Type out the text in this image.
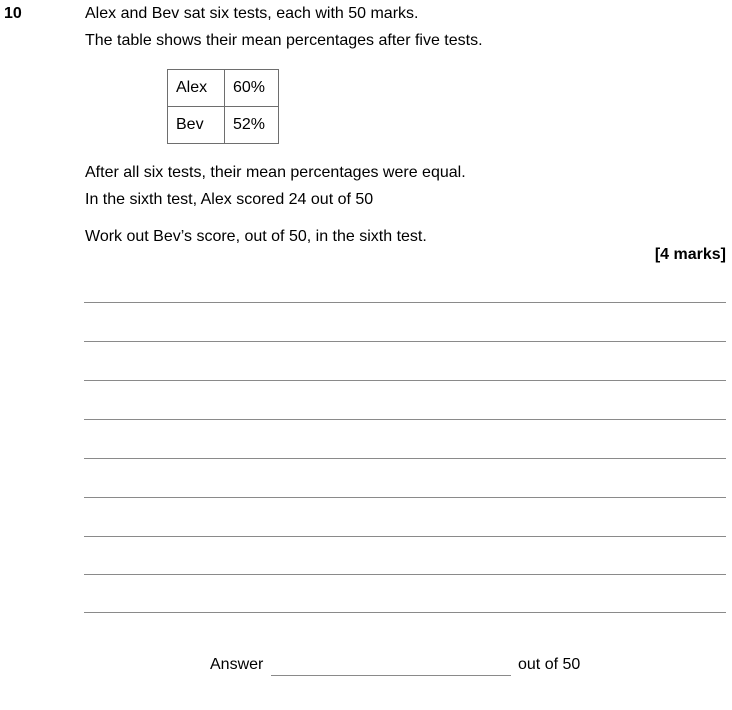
10	Alex and Bev sat six tests, each with 50 marks.
The table shows their mean percentages after five tests.
Alex	60%
Bev	52%
After all six tests, their mean percentages were equal.
In the sixth test, Alex scored 24 out of 50
Work out Bev’s score, out of 50, in the sixth test.
[4 marks]
Answer	out of 50
